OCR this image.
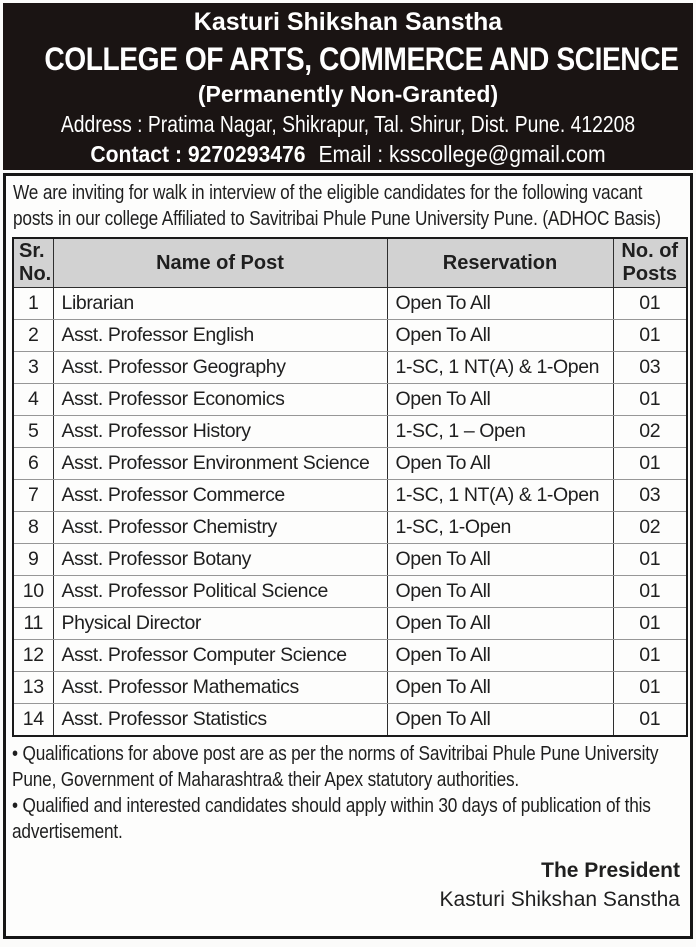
Kasturi Shikshan Sanstha
COLLEGE OF ARTS, COMMERCE AND SCIENCE
(Permanently Non-Granted)
Address : Pratima Nagar, Shikrapur, Tal. Shirur, Dist. Pune. 412208
Contact : 9270293476 Email : ksscollege@gmail.com

We are inviting for walk in interview of the eligible candidates for the following vacant posts in our college Affiliated to Savitribai Phule Pune University Pune. (ADHOC Basis)

Sr. No.	Name of Post	Reservation	No. of Posts
1	Librarian	Open To All	01
2	Asst. Professor English	Open To All	01
3	Asst. Professor Geography	1-SC, 1 NT(A) & 1-Open	03
4	Asst. Professor Economics	Open To All	01
5	Asst. Professor History	1-SC, 1 – Open	02
6	Asst. Professor Environment Science	Open To All	01
7	Asst. Professor Commerce	1-SC, 1 NT(A) & 1-Open	03
8	Asst. Professor Chemistry	1-SC, 1-Open	02
9	Asst. Professor Botany	Open To All	01
10	Asst. Professor Political Science	Open To All	01
11	Physical Director	Open To All	01
12	Asst. Professor Computer Science	Open To All	01
13	Asst. Professor Mathematics	Open To All	01
14	Asst. Professor Statistics	Open To All	01

• Qualifications for above post are as per the norms of Savitribai Phule Pune University Pune, Government of Maharashtra& their Apex statutory authorities.

• Qualified and interested candidates should apply within 30 days of publication of this advertisement.

The President
Kasturi Shikshan Sanstha
